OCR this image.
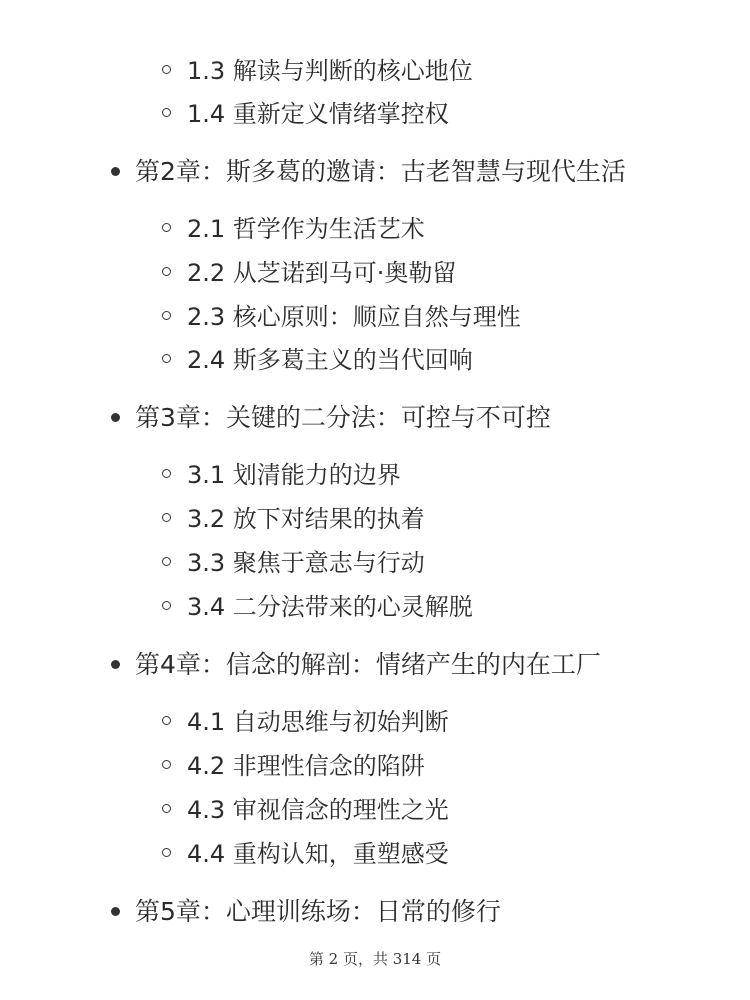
1.3 解读与判断的核心地位
1.4 重新定义情绪掌控权
第2章：斯多葛的邀请：古老智慧与现代生活
2.1 哲学作为生活艺术
2.2 从芝诺到马可·奥勒留
2.3 核心原则：顺应自然与理性
2.4 斯多葛主义的当代回响
第3章：关键的二分法：可控与不可控
3.1 划清能力的边界
3.2 放下对结果的执着
3.3 聚焦于意志与行动
3.4 二分法带来的心灵解脱
第4章：信念的解剖：情绪产生的内在工厂
4.1 自动思维与初始判断
4.2 非理性信念的陷阱
4.3 审视信念的理性之光
4.4 重构认知，重塑感受
第5章：心理训练场：日常的修行
第 2 页，共 314 页
